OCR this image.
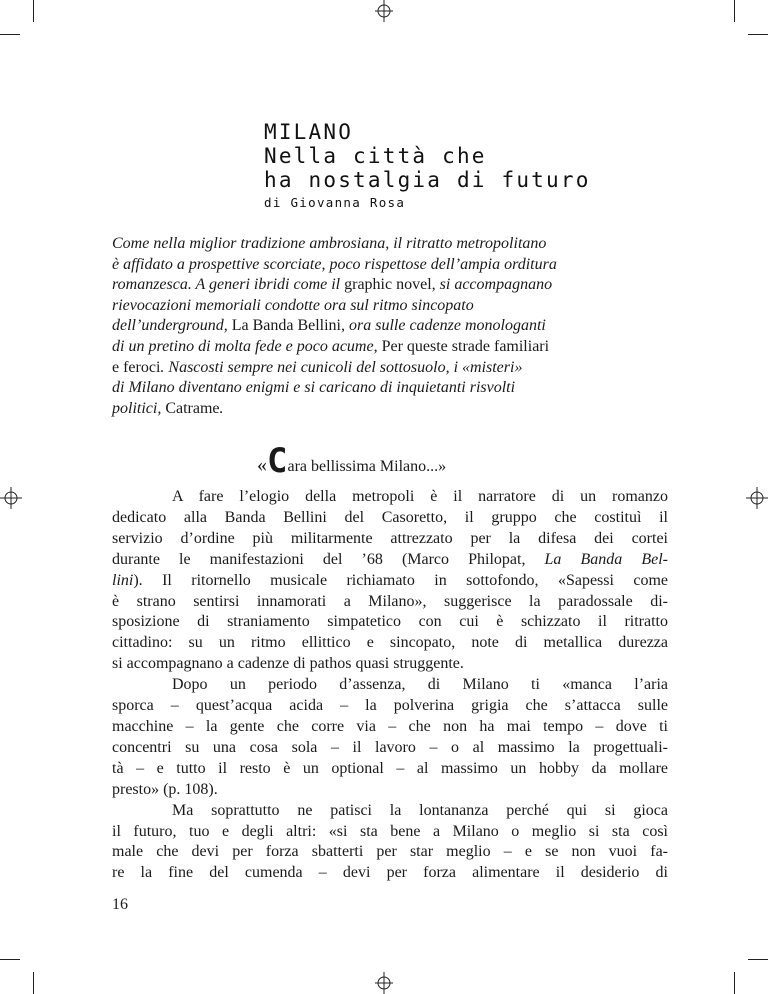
MILANO
Nella città che
ha nostalgia di futuro
di Giovanna Rosa
Come nella miglior tradizione ambrosiana, il ritratto metropolitano
è affidato a prospettive scorciate, poco rispettose dell’ampia orditura
romanzesca. A generi ibridi come il graphic novel, si accompagnano
rievocazioni memoriali condotte ora sul ritmo sincopato
dell’underground, La Banda Bellini, ora sulle cadenze monologanti
di un pretino di molta fede e poco acume, Per queste strade familiari
e feroci. Nascosti sempre nei cunicoli del sottosuolo, i «misteri»
di Milano diventano enigmi e si caricano di inquietanti risvolti
politici, Catrame.
«Cara bellissima Milano...»
A fare l’elogio della metropoli è il narratore di un romanzo
dedicato alla Banda Bellini del Casoretto, il gruppo che costituì il
servizio d’ordine più militarmente attrezzato per la difesa dei cortei
durante le manifestazioni del ’68 (Marco Philopat, La Banda Bel-
lini). Il ritornello musicale richiamato in sottofondo, «Sapessi come
è strano sentirsi innamorati a Milano», suggerisce la paradossale di-
sposizione di straniamento simpatetico con cui è schizzato il ritratto
cittadino: su un ritmo ellittico e sincopato, note di metallica durezza
si accompagnano a cadenze di pathos quasi struggente.
Dopo un periodo d’assenza, di Milano ti «manca l’aria
sporca – quest’acqua acida – la polverina grigia che s’attacca sulle
macchine – la gente che corre via – che non ha mai tempo – dove ti
concentri su una cosa sola – il lavoro – o al massimo la progettuali-
tà – e tutto il resto è un optional – al massimo un hobby da mollare
presto» (p. 108).
Ma soprattutto ne patisci la lontananza perché qui si gioca
il futuro, tuo e degli altri: «si sta bene a Milano o meglio si sta così
male che devi per forza sbatterti per star meglio – e se non vuoi fa-
re la fine del cumenda – devi per forza alimentare il desiderio di
16
